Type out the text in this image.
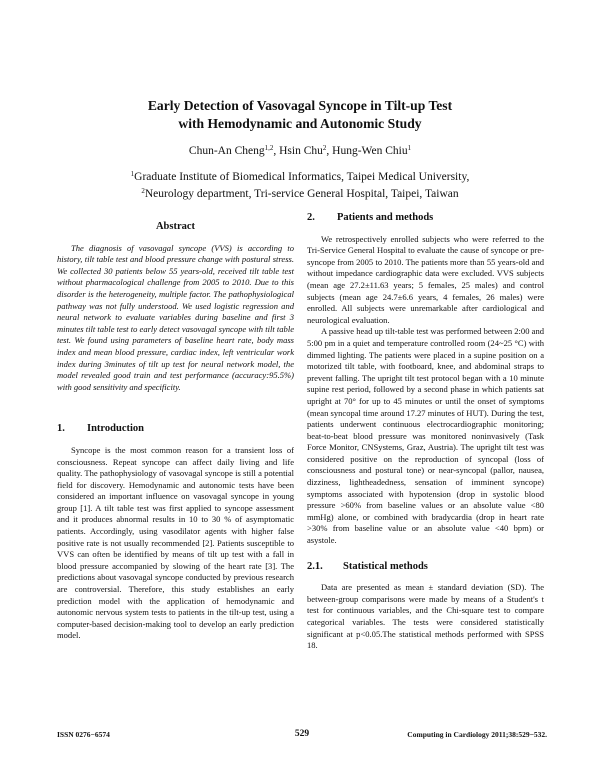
Early Detection of Vasovagal Syncope in Tilt-up Test
with Hemodynamic and Autonomic Study
Chun-An Cheng$^{1,2}$, Hsin Chu$^2$, Hung-Wen Chiu$^1$
$^1$Graduate Institute of Biomedical Informatics, Taipei Medical University,
$^2$Neurology department, Tri-service General Hospital, Taipei, Taiwan
Abstract

The diagnosis of vasovagal syncope (VVS) is according to history, tilt table test and blood pressure change with postural stress. We collected 30 patients below 55 years-old, received tilt table test without pharmacological challenge from 2005 to 2010. Due to this disorder is the heterogeneity, multiple factor. The pathophysiological pathway was not fully understood. We used logistic regression and neural network to evaluate variables during baseline and first 3 minutes tilt table test to early detect vasovagal syncope with tilt table test. We found using parameters of baseline heart rate, body mass index and mean blood pressure, cardiac index, left ventricular work index during 3minutes of tilt up test for neural network model, the model revealed good train and test performance (accuracy:95.5%) with good sensitivity and specificity.

1.	Introduction

Syncope is the most common reason for a transient loss of consciousness. Repeat syncope can affect daily living and life quality. The pathophysiology of vasovagal syncope is still a potential field for discovery. Hemodynamic and autonomic tests have been considered an important influence on vasovagal syncope in young group [1]. A tilt table test was first applied to syncope assessment and it produces abnormal results in 10 to 30 % of asymptomatic patients. Accordingly, using vasodilator agents with higher false positive rate is not usually recommended [2]. Patients susceptible to VVS can often be identified by means of tilt up test with a fall in blood pressure accompanied by slowing of the heart rate [3]. The predictions about vasovagal syncope conducted by previous research are controversial. Therefore, this study establishes an early prediction model with the application of hemodynamic and autonomic nervous system tests to patients in the tilt-up test, using a computer-based decision-making tool to develop an early prediction model.

2.	Patients and methods

We retrospectively enrolled subjects who were referred to the Tri-Service General Hospital to evaluate the cause of syncope or pre-syncope from 2005 to 2010. The patients more than 55 years-old and without impedance cardiographic data were excluded. VVS subjects (mean age 27.2±11.63 years; 5 females, 25 males) and control subjects (mean age 24.7±6.6 years, 4 females, 26 males) were enrolled. All subjects were unremarkable after cardiological and neurological evaluation.

A passive head up tilt-table test was performed between 2:00 and 5:00 pm in a quiet and temperature controlled room (24~25 °C) with dimmed lighting. The patients were placed in a supine position on a motorized tilt table, with footboard, knee, and abdominal straps to prevent falling. The upright tilt test protocol began with a 10 minute supine rest period, followed by a second phase in which patients sat upright at 70° for up to 45 minutes or until the onset of symptoms (mean syncopal time around 17.27 minutes of HUT). During the test, patients underwent continuous electrocardiographic monitoring; beat-to-beat blood pressure was monitored noninvasively (Task Force Monitor, CNSystems, Graz, Austria). The upright tilt test was considered positive on the reproduction of syncopal (loss of consciousness and postural tone) or near-syncopal (pallor, nausea, dizziness, lightheadedness, sensation of imminent syncope) symptoms associated with hypotension (drop in systolic blood pressure >60% from baseline values or an absolute value <80 mmHg) alone, or combined with bradycardia (drop in heart rate >30% from baseline value or an absolute value <40 bpm) or asystole.

2.1.	Statistical methods

Data are presented as mean ± standard deviation (SD). The between-group comparisons were made by means of a Student's t test for continuous variables, and the Chi-square test to compare categorical variables. The tests were considered statistically significant at p<0.05.The statistical methods performed with SPSS 18.

ISSN 0276−6574	529	Computing in Cardiology 2011;38:529−532.
